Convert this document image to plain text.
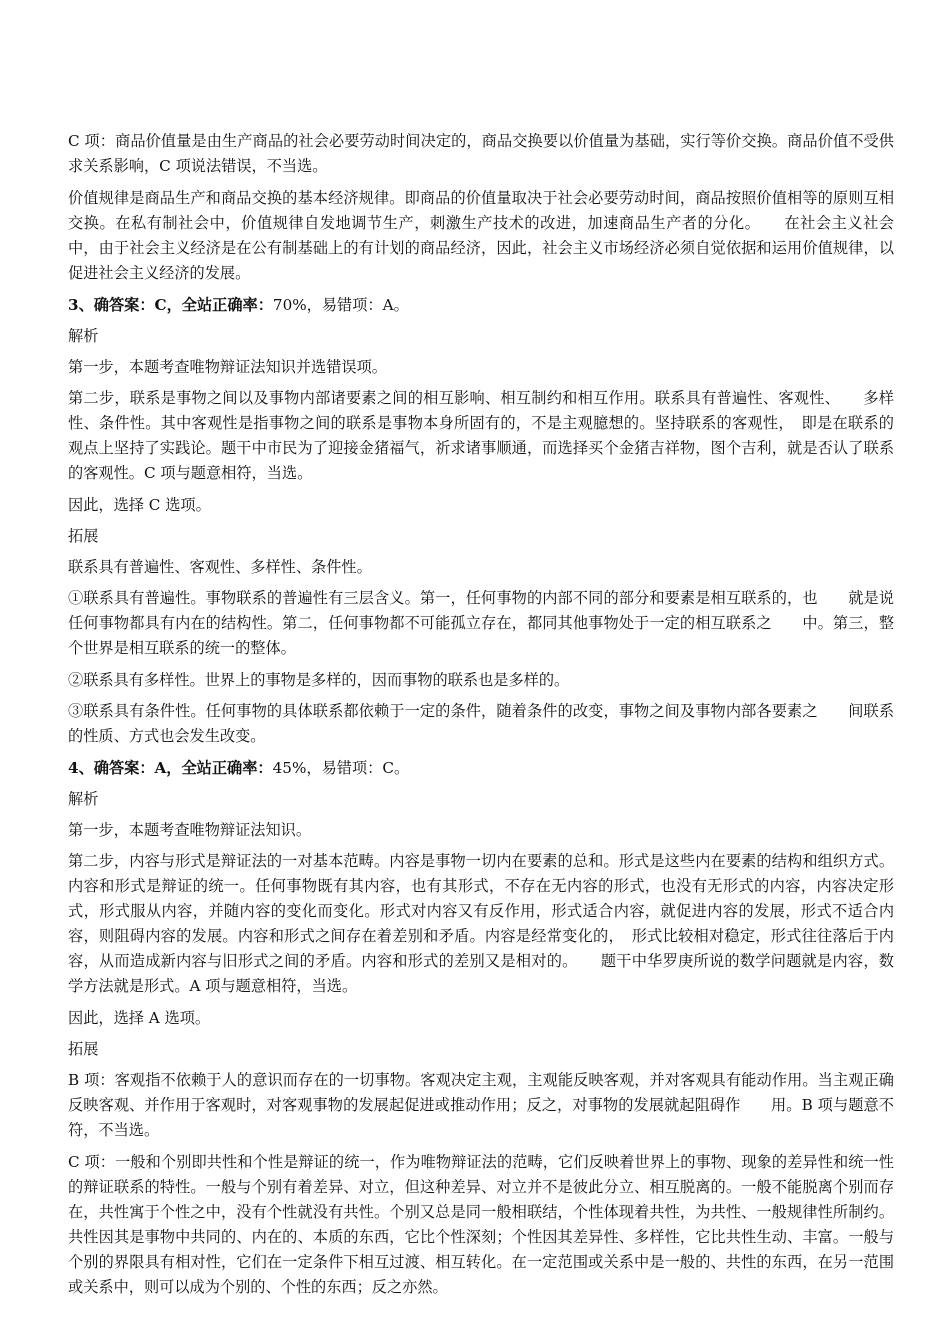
C 项：商品价值量是由生产商品的社会必要劳动时间决定的，商品交换要以价值量为基础，实行等价交换。商品价值不受供求关系影响，C 项说法错误，不当选。

价值规律是商品生产和商品交换的基本经济规律。即商品的价值量取决于社会必要劳动时间，商品按照价值相等的原则互相交换。在私有制社会中，价值规律自发地调节生产，刺激生产技术的改进，加速商品生产者的分化。　　在社会主义社会中，由于社会主义经济是在公有制基础上的有计划的商品经济，因此，社会主义市场经济必须自觉依据和运用价值规律，以促进社会主义经济的发展。

3、确答案：C，全站正确率：70%，易错项：A。

解析

第一步，本题考查唯物辩证法知识并选错误项。

第二步，联系是事物之间以及事物内部诸要素之间的相互影响、相互制约和相互作用。联系具有普遍性、客观性、　　多样性、条件性。其中客观性是指事物之间的联系是事物本身所固有的，不是主观臆想的。坚持联系的客观性，　即是在联系的观点上坚持了实践论。题干中市民为了迎接金猪福气，祈求诸事顺通，而选择买个金猪吉祥物，图个吉利，就是否认了联系的客观性。C 项与题意相符，当选。

因此，选择 C 选项。

拓展

联系具有普遍性、客观性、多样性、条件性。

①联系具有普遍性。事物联系的普遍性有三层含义。第一，任何事物的内部不同的部分和要素是相互联系的，也　　就是说任何事物都具有内在的结构性。第二，任何事物都不可能孤立存在，都同其他事物处于一定的相互联系之　　中。第三，整个世界是相互联系的统一的整体。

②联系具有多样性。世界上的事物是多样的，因而事物的联系也是多样的。

③联系具有条件性。任何事物的具体联系都依赖于一定的条件，随着条件的改变，事物之间及事物内部各要素之　　间联系的性质、方式也会发生改变。

4、确答案：A，全站正确率：45%，易错项：C。

解析

第一步，本题考查唯物辩证法知识。

第二步，内容与形式是辩证法的一对基本范畴。内容是事物一切内在要素的总和。形式是这些内在要素的结构和组织方式。内容和形式是辩证的统一。任何事物既有其内容，也有其形式，不存在无内容的形式，也没有无形式的内容，内容决定形式，形式服从内容，并随内容的变化而变化。形式对内容又有反作用，形式适合内容，就促进内容的发展，形式不适合内容，则阻碍内容的发展。内容和形式之间存在着差别和矛盾。内容是经常变化的，　形式比较相对稳定，形式往往落后于内容，从而造成新内容与旧形式之间的矛盾。内容和形式的差别又是相对的。　　题干中华罗庚所说的数学问题就是内容，数学方法就是形式。A 项与题意相符，当选。

因此，选择 A 选项。

拓展

B 项：客观指不依赖于人的意识而存在的一切事物。客观决定主观，主观能反映客观，并对客观具有能动作用。当主观正确反映客观、并作用于客观时，对客观事物的发展起促进或推动作用；反之，对事物的发展就起阻碍作　　用。B 项与题意不符，不当选。

C 项：一般和个别即共性和个性是辩证的统一，作为唯物辩证法的范畴，它们反映着世界上的事物、现象的差异性和统一性的辩证联系的特性。一般与个别有着差异、对立，但这种差异、对立并不是彼此分立、相互脱离的。一般不能脱离个别而存在，共性寓于个性之中，没有个性就没有共性。个别又总是同一般相联结，个性体现着共性，为共性、一般规律性所制约。共性因其是事物中共同的、内在的、本质的东西，它比个性深刻；个性因其差异性、多样性，它比共性生动、丰富。一般与个别的界限具有相对性，它们在一定条件下相互过渡、相互转化。在一定范围或关系中是一般的、共性的东西，在另一范围或关系中，则可以成为个别的、个性的东西；反之亦然。
